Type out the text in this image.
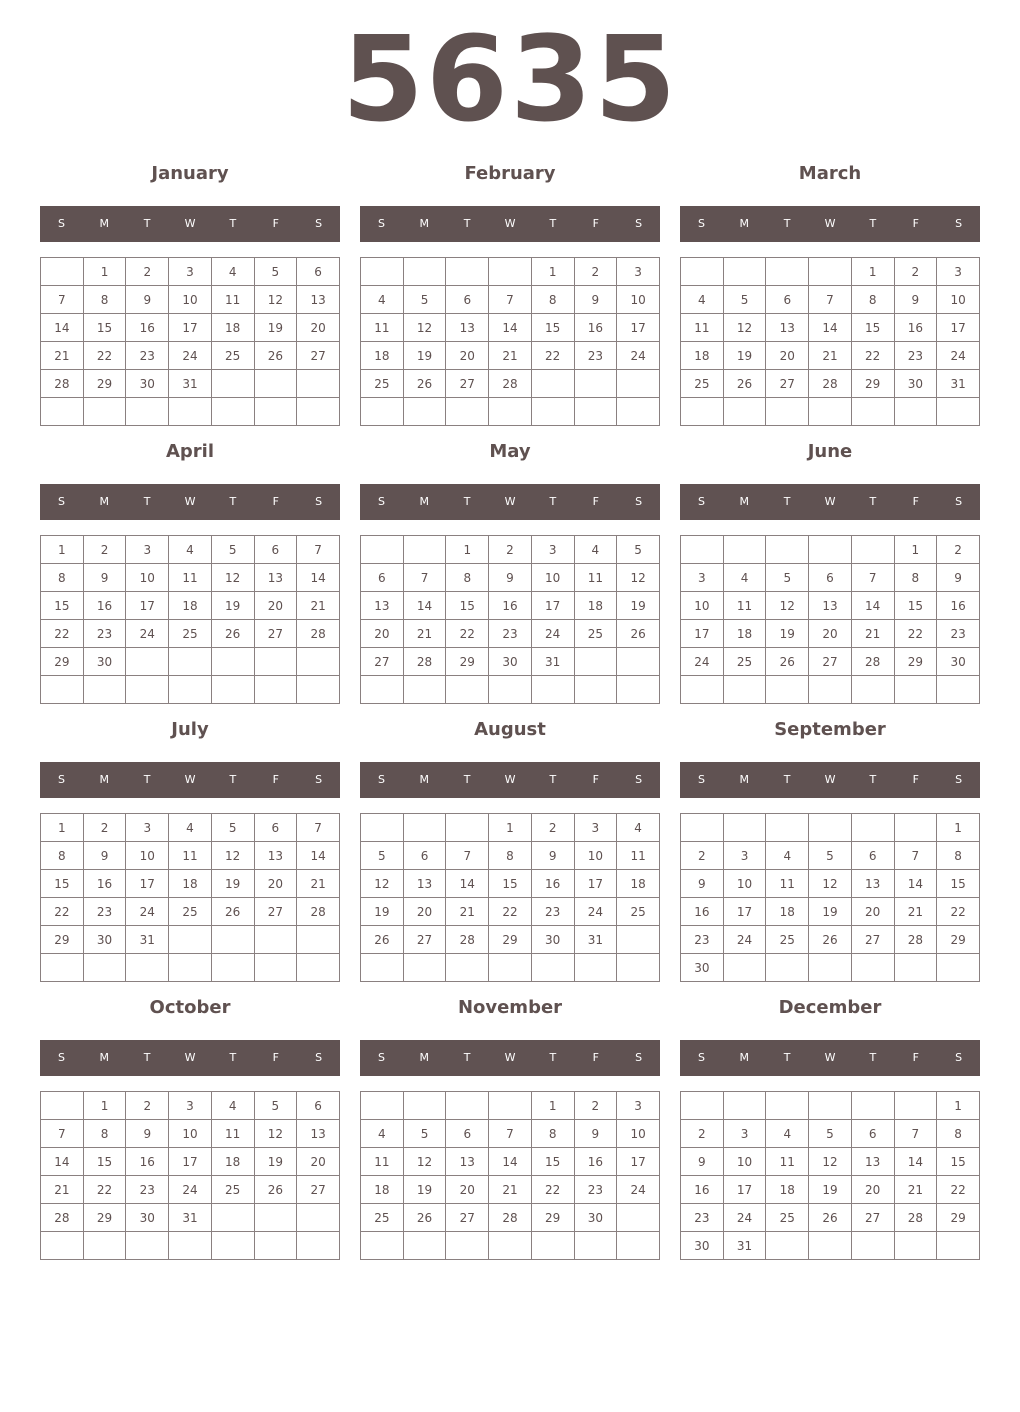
5635
January
S	M	T	W	T	F	S
	1	2	3	4	5	6
7	8	9	10	11	12	13
14	15	16	17	18	19	20
21	22	23	24	25	26	27
28	29	30	31			

February
S	M	T	W	T	F	S
				1	2	3
4	5	6	7	8	9	10
11	12	13	14	15	16	17
18	19	20	21	22	23	24
25	26	27	28			

March
S	M	T	W	T	F	S
				1	2	3
4	5	6	7	8	9	10
11	12	13	14	15	16	17
18	19	20	21	22	23	24
25	26	27	28	29	30	31

April
S	M	T	W	T	F	S
1	2	3	4	5	6	7
8	9	10	11	12	13	14
15	16	17	18	19	20	21
22	23	24	25	26	27	28
29	30					

May
S	M	T	W	T	F	S
		1	2	3	4	5
6	7	8	9	10	11	12
13	14	15	16	17	18	19
20	21	22	23	24	25	26
27	28	29	30	31		

June
S	M	T	W	T	F	S
					1	2
3	4	5	6	7	8	9
10	11	12	13	14	15	16
17	18	19	20	21	22	23
24	25	26	27	28	29	30

July
S	M	T	W	T	F	S
1	2	3	4	5	6	7
8	9	10	11	12	13	14
15	16	17	18	19	20	21
22	23	24	25	26	27	28
29	30	31				

August
S	M	T	W	T	F	S
			1	2	3	4
5	6	7	8	9	10	11
12	13	14	15	16	17	18
19	20	21	22	23	24	25
26	27	28	29	30	31	

September
S	M	T	W	T	F	S
						1
2	3	4	5	6	7	8
9	10	11	12	13	14	15
16	17	18	19	20	21	22
23	24	25	26	27	28	29
30						
October
S	M	T	W	T	F	S
	1	2	3	4	5	6
7	8	9	10	11	12	13
14	15	16	17	18	19	20
21	22	23	24	25	26	27
28	29	30	31			

November
S	M	T	W	T	F	S
				1	2	3
4	5	6	7	8	9	10
11	12	13	14	15	16	17
18	19	20	21	22	23	24
25	26	27	28	29	30	

December
S	M	T	W	T	F	S
						1
2	3	4	5	6	7	8
9	10	11	12	13	14	15
16	17	18	19	20	21	22
23	24	25	26	27	28	29
30	31					
